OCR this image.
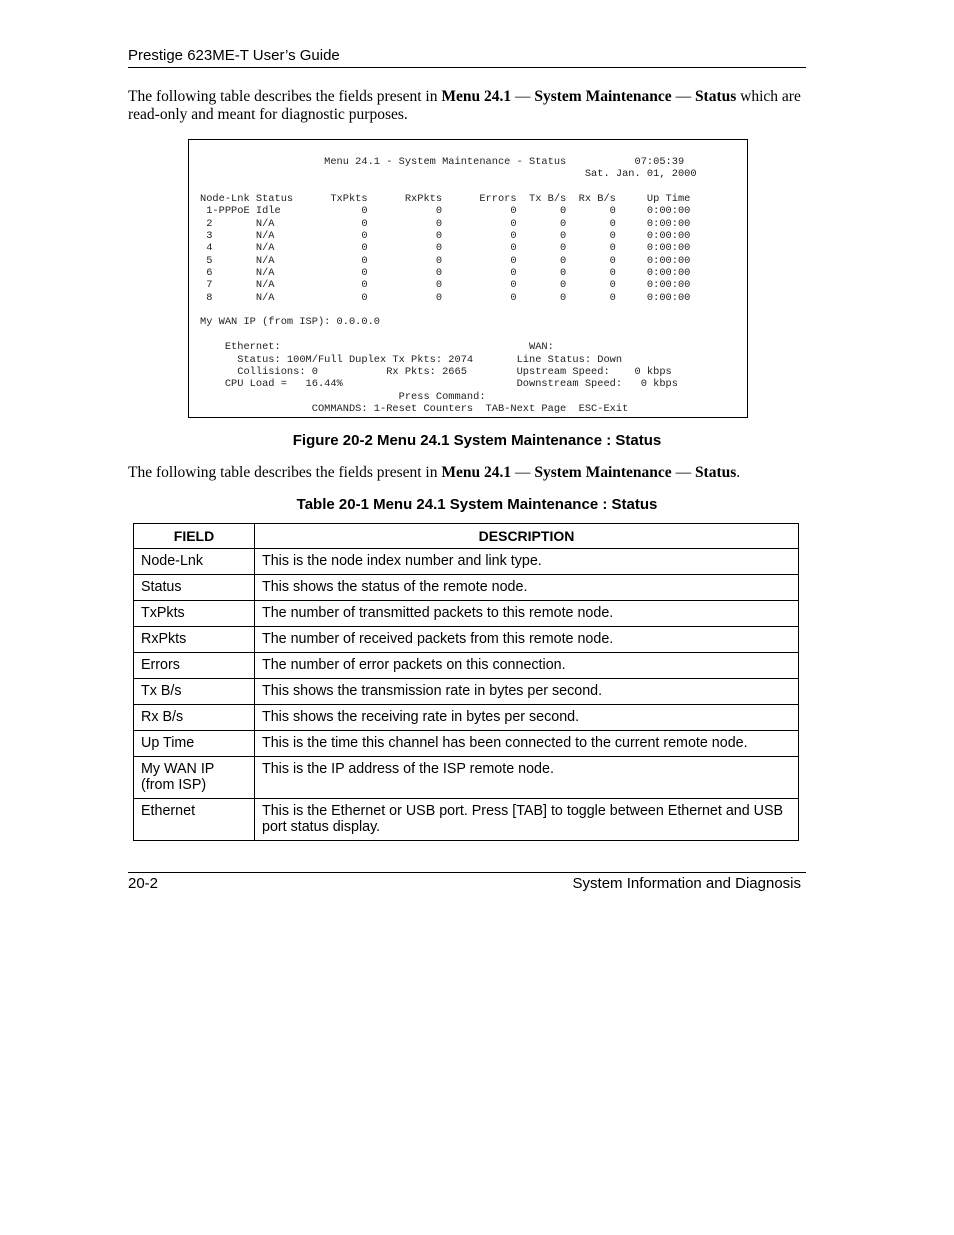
Prestige 623ME-T User’s Guide

The following table describes the fields present in Menu 24.1 — System Maintenance — Status which are read-only and meant for diagnostic purposes.

Menu 24.1 - System Maintenance - Status           07:05:39
Sat. Jan. 01, 2000

Node-Lnk Status      TxPkts      RxPkts      Errors  Tx B/s  Rx B/s     Up Time
1-PPPoE Idle             0           0           0       0       0     0:00:00
2       N/A              0           0           0       0       0     0:00:00
3       N/A              0           0           0       0       0     0:00:00
4       N/A              0           0           0       0       0     0:00:00
5       N/A              0           0           0       0       0     0:00:00
6       N/A              0           0           0       0       0     0:00:00
7       N/A              0           0           0       0       0     0:00:00
8       N/A              0           0           0       0       0     0:00:00

My WAN IP (from ISP): 0.0.0.0

Ethernet:                                        WAN:
Status: 100M/Full Duplex Tx Pkts: 2074       Line Status: Down
Collisions: 0           Rx Pkts: 2665        Upstream Speed:    0 kbps
CPU Load =   16.44%                            Downstream Speed:   0 kbps
Press Command:
COMMANDS: 1-Reset Counters  TAB-Next Page  ESC-Exit
Figure 20-2 Menu 24.1 System Maintenance : Status

The following table describes the fields present in Menu 24.1 — System Maintenance — Status.

Table 20-1 Menu 24.1 System Maintenance : Status
FIELD	DESCRIPTION
Node-Lnk	This is the node index number and link type.
Status	This shows the status of the remote node.
TxPkts	The number of transmitted packets to this remote node.
RxPkts	The number of received packets from this remote node.
Errors	The number of error packets on this connection.
Tx B/s	This shows the transmission rate in bytes per second.
Rx B/s	This shows the receiving rate in bytes per second.
Up Time	This is the time this channel has been connected to the current remote node.
My WAN IP (from ISP)	This is the IP address of the ISP remote node.
Ethernet	This is the Ethernet or USB port. Press [TAB] to toggle between Ethernet and USB port status display.
20-2	System Information and Diagnosis
